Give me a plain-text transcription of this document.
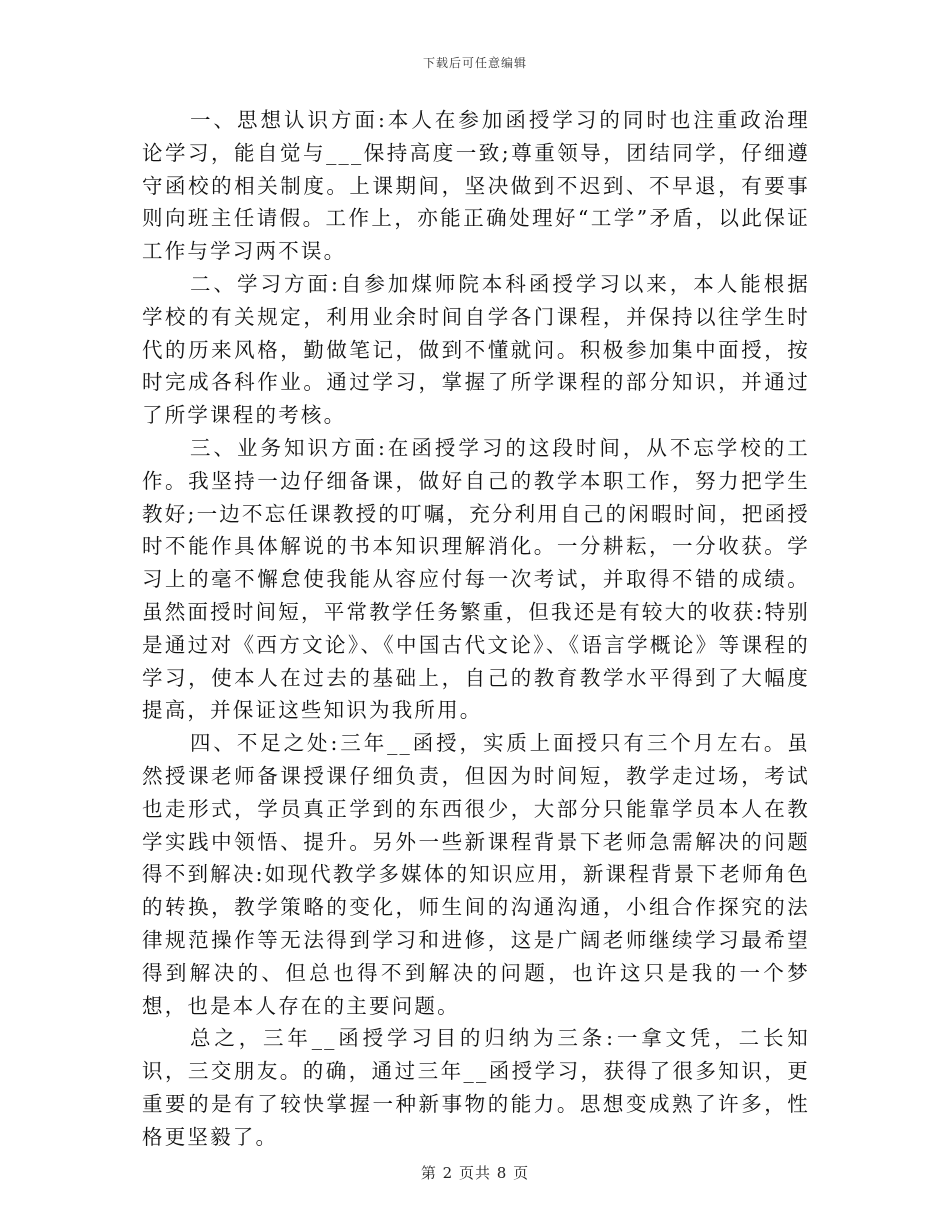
下载后可任意编辑

一、思想认识方面:本人在参加函授学习的同时也注重政治理论学习，能自觉与___保持高度一致;尊重领导，团结同学，仔细遵守函校的相关制度。上课期间，坚决做到不迟到、不早退，有要事则向班主任请假。工作上，亦能正确处理好“工学”矛盾，以此保证工作与学习两不误。

二、学习方面:自参加煤师院本科函授学习以来，本人能根据学校的有关规定，利用业余时间自学各门课程，并保持以往学生时代的历来风格，勤做笔记，做到不懂就问。积极参加集中面授，按时完成各科作业。通过学习，掌握了所学课程的部分知识，并通过了所学课程的考核。

三、业务知识方面:在函授学习的这段时间，从不忘学校的工作。我坚持一边仔细备课，做好自己的教学本职工作，努力把学生教好;一边不忘任课教授的叮嘱，充分利用自己的闲暇时间，把函授时不能作具体解说的书本知识理解消化。一分耕耘，一分收获。学习上的毫不懈怠使我能从容应付每一次考试，并取得不错的成绩。虽然面授时间短，平常教学任务繁重，但我还是有较大的收获:特别是通过对《西方文论》、《中国古代文论》、《语言学概论》等课程的学习，使本人在过去的基础上，自己的教育教学水平得到了大幅度提高，并保证这些知识为我所用。

四、不足之处:三年__函授，实质上面授只有三个月左右。虽然授课老师备课授课仔细负责，但因为时间短，教学走过场，考试也走形式，学员真正学到的东西很少，大部分只能靠学员本人在教学实践中领悟、提升。另外一些新课程背景下老师急需解决的问题得不到解决:如现代教学多媒体的知识应用，新课程背景下老师角色的转换，教学策略的变化，师生间的沟通沟通，小组合作探究的法律规范操作等无法得到学习和进修，这是广阔老师继续学习最希望得到解决的、但总也得不到解决的问题，也许这只是我的一个梦想，也是本人存在的主要问题。

总之，三年__函授学习目的归纳为三条:一拿文凭，二长知识，三交朋友。的确，通过三年__函授学习，获得了很多知识，更重要的是有了较快掌握一种新事物的能力。思想变成熟了许多，性格更坚毅了。

第 2 页共 8 页
